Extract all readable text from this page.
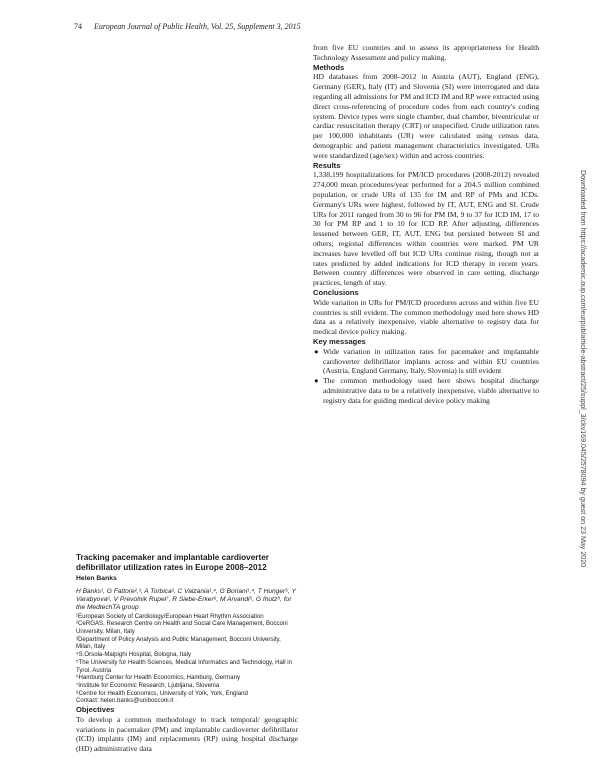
74 European Journal of Public Health, Vol. 25, Supplement 3, 2015

from five EU countries and to assess its appropriateness for Health Technology Assessment and policy making.

Methods

HD databases from 2008–2012 in Austria (AUT), England (ENG), Germany (GER), Italy (IT) and Slovenia (SI) were interrogated and data regarding all admissions for PM and ICD IM and RP were extracted using direct cross-referencing of procedure codes from each country's coding system. Device types were single chamber, dual chamber, biventricular or cardiac resuscitation therapy (CRT) or unspecified. Crude utilization rates per 100,000 inhabitants (UR) were calculated using census data, demographic and patient management characteristics investigated. URs were standardized (age/sex) within and across countries.

Results

1,338,199 hospitalizations for PM/ICD procedures (2008-2012) revealed 274,000 mean procedures/year performed for a 204.5 million combined population, or crude URs of 135 for IM and RP of PMs and ICDs. Germany's URs were highest, followed by IT, AUT, ENG and SI. Crude URs for 2011 ranged from 30 to 96 for PM IM, 9 to 37 for ICD IM, 17 to 30 for PM RP and 1 to 10 for ICD RP. After adjusting, differences lessened between GER, IT, AUT, ENG but persisted between SI and others; regional differences within countries were marked. PM UR increases have levelled off but ICD URs continue rising, though not at rates predicted by added indications for ICD therapy in recent years. Between country differences were observed in care setting, discharge practices, length of stay.

Conclusions

Wide variation in URs for PM/ICD procedures across and within five EU countries is still evident. The common methodology used here shows HD data as a relatively inexpensive, viable alternative to registry data for medical device policy making.

Key messages
● Wide variation in utilization rates for pacemaker and implantable cardioverter defibrillator implants across and within EU countries (Austria, England Germany, Italy, Slovenia) is still evident
● The common methodology used here shows hospital discharge administrative data to be a relatively inexpensive, viable alternative to registry data for guiding medical device policy making
Tracking pacemaker and implantable cardioverter defibrillator utilization rates in Europe 2008–2012
Helen Banks
H Banks¹, G Fattore²,³, A Torbica², C Valzania¹,⁴, G Boriani¹,⁴, T Hunger⁵, Y Varabyova⁶, V Prevolnik Rupel⁷, R Siebe-Erker⁶, M Arvandi⁵, G Ihutz⁸, for the MedtechTA group
¹European Society of Cardiology/European Heart Rhythm Association
²CeRGAS, Research Centre on Health and Social Care Management, Bocconi University, Milan, Italy
³Department of Policy Analysis and Public Management, Bocconi University, Milan, Italy
⁴S.Orsola-Malpighi Hospital, Bologna, Italy
⁵The University for Health Sciences, Medical Informatics and Technology, Hall in Tyrol, Austria
⁶Hamburg Center for Health Economics, Hamburg, Germany
⁷Institute for Economic Research, Ljubljana, Slovenia
⁸Centre for Health Economics, University of York, York, England
Contact: helen.banks@unibocconi.it
Objectives

To develop a common methodology to track temporal/ geographic variations in pacemaker (PM) and implantable cardioverter defibrillator (ICD) implants (IM) and replacements (RP) using hospital discharge (HD) administrative data

Downloaded from https://academic.oup.com/eurpub/article-abstract/25/suppl_3/ckv169.045/2578094 by guest on 23 May 2020
